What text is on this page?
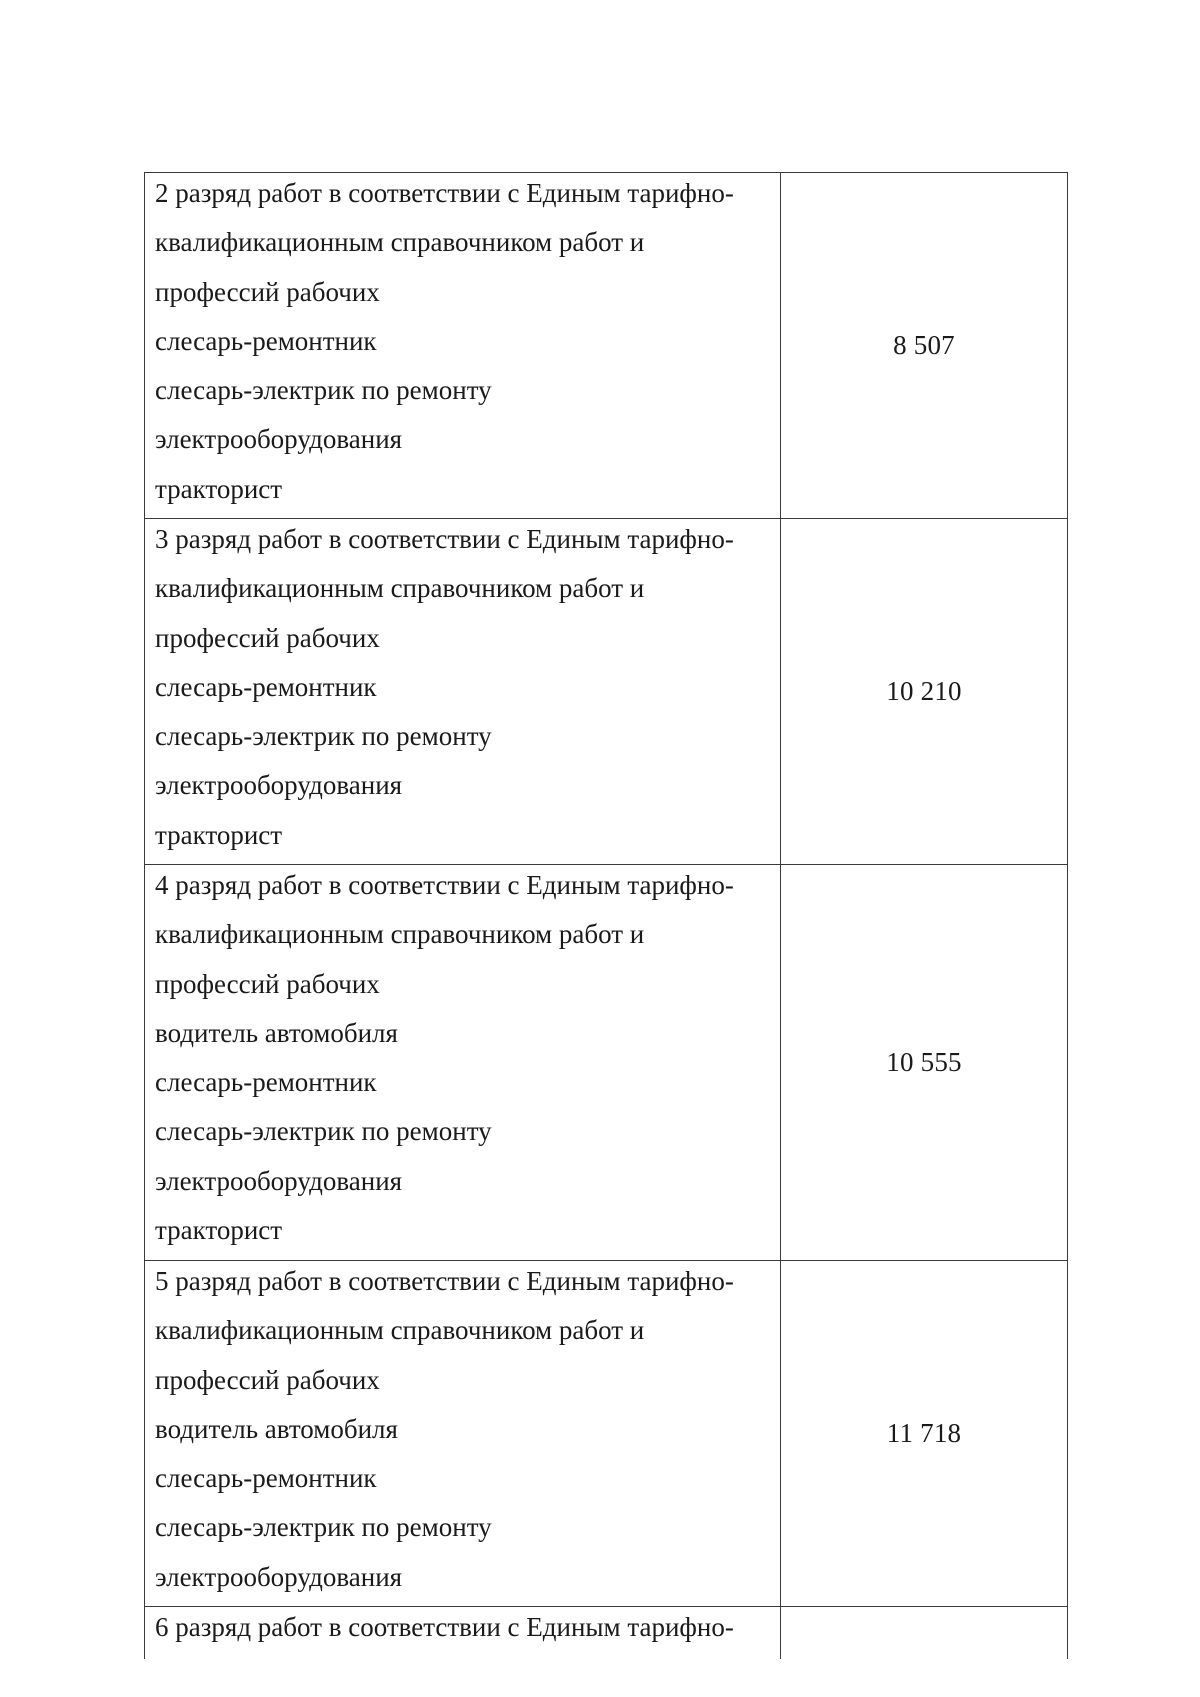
2 разряд работ в соответствии с Единым тарифно-
квалификационным справочником работ и
профессий рабочих
слесарь-ремонтник
слесарь-электрик по ремонту
электрооборудования
тракторист
8 507
3 разряд работ в соответствии с Единым тарифно-
квалификационным справочником работ и
профессий рабочих
слесарь-ремонтник
слесарь-электрик по ремонту
электрооборудования
тракторист
10 210
4 разряд работ в соответствии с Единым тарифно-
квалификационным справочником работ и
профессий рабочих
водитель автомобиля
слесарь-ремонтник
слесарь-электрик по ремонту
электрооборудования
тракторист
10 555
5 разряд работ в соответствии с Единым тарифно-
квалификационным справочником работ и
профессий рабочих
водитель автомобиля
слесарь-ремонтник
слесарь-электрик по ремонту
электрооборудования
11 718
6 разряд работ в соответствии с Единым тарифно-
